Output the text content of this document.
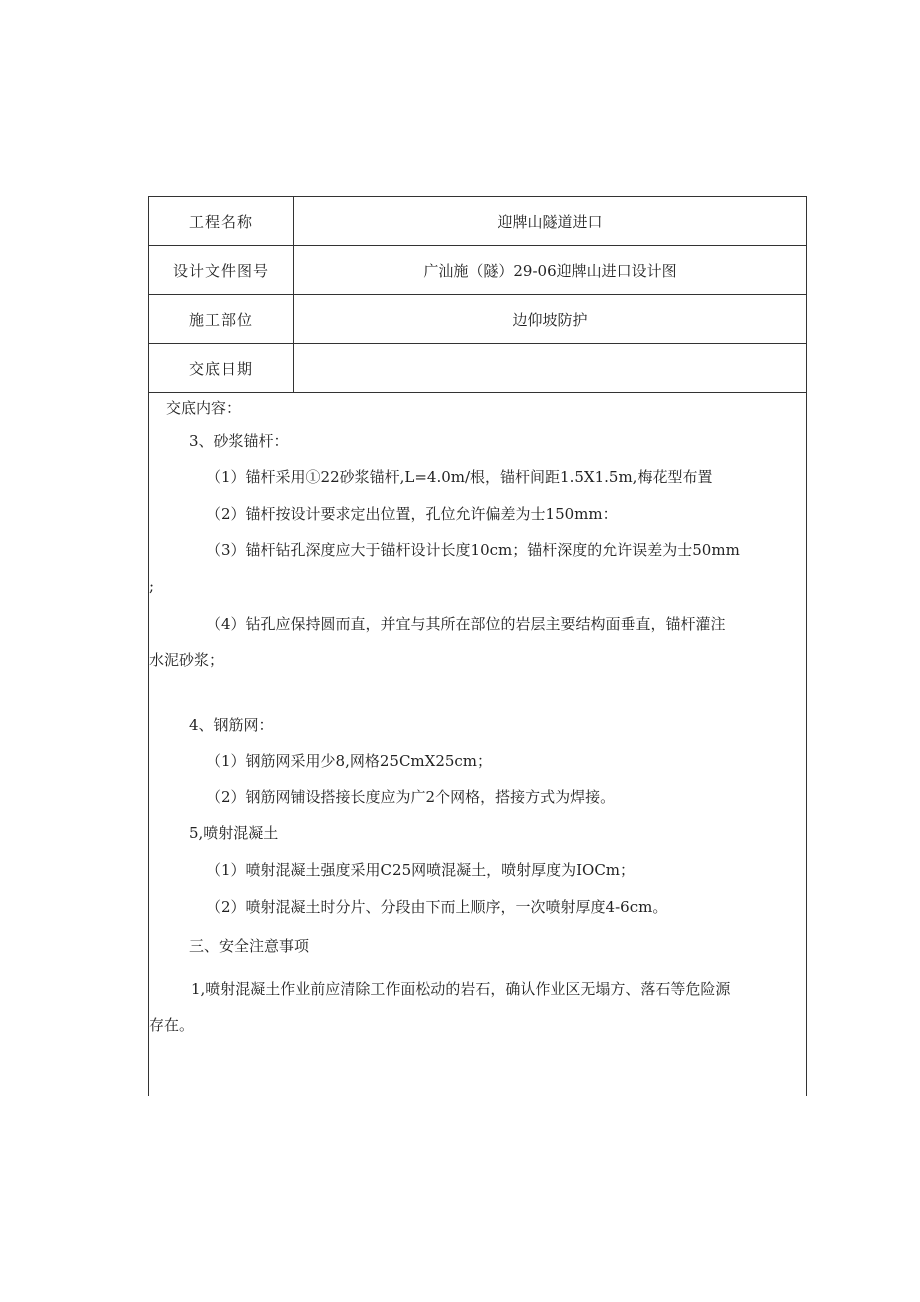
工程名称	迎牌山隧道进口
设计文件图号	广汕施（隧）29-06迎牌山进口设计图
施工部位	边仰坡防护
交底日期
交底内容：
3、砂浆锚杆：
（1）锚杆采用①22砂浆锚杆,L=4.0m/根，锚杆间距1.5X1.5m,梅花型布置
（2）锚杆按设计要求定出位置，孔位允许偏差为士150mm：
（3）锚杆钻孔深度应大于锚杆设计长度10cm；锚杆深度的允许误差为士50mm
;
（4）钻孔应保持圆而直，并宜与其所在部位的岩层主要结构面垂直，锚杆灌注
水泥砂浆；
4、钢筋网：
（1）钢筋网采用少8,网格25CmX25cm；
（2）钢筋网铺设搭接长度应为广2个网格，搭接方式为焊接。
5,喷射混凝土
（1）喷射混凝土强度采用C25网喷混凝土，喷射厚度为IOCm；
（2）喷射混凝土时分片、分段由下而上顺序，一次喷射厚度4-6cm。
三、安全注意事项
1,喷射混凝土作业前应清除工作面松动的岩石，确认作业区无塌方、落石等危险源
存在。
